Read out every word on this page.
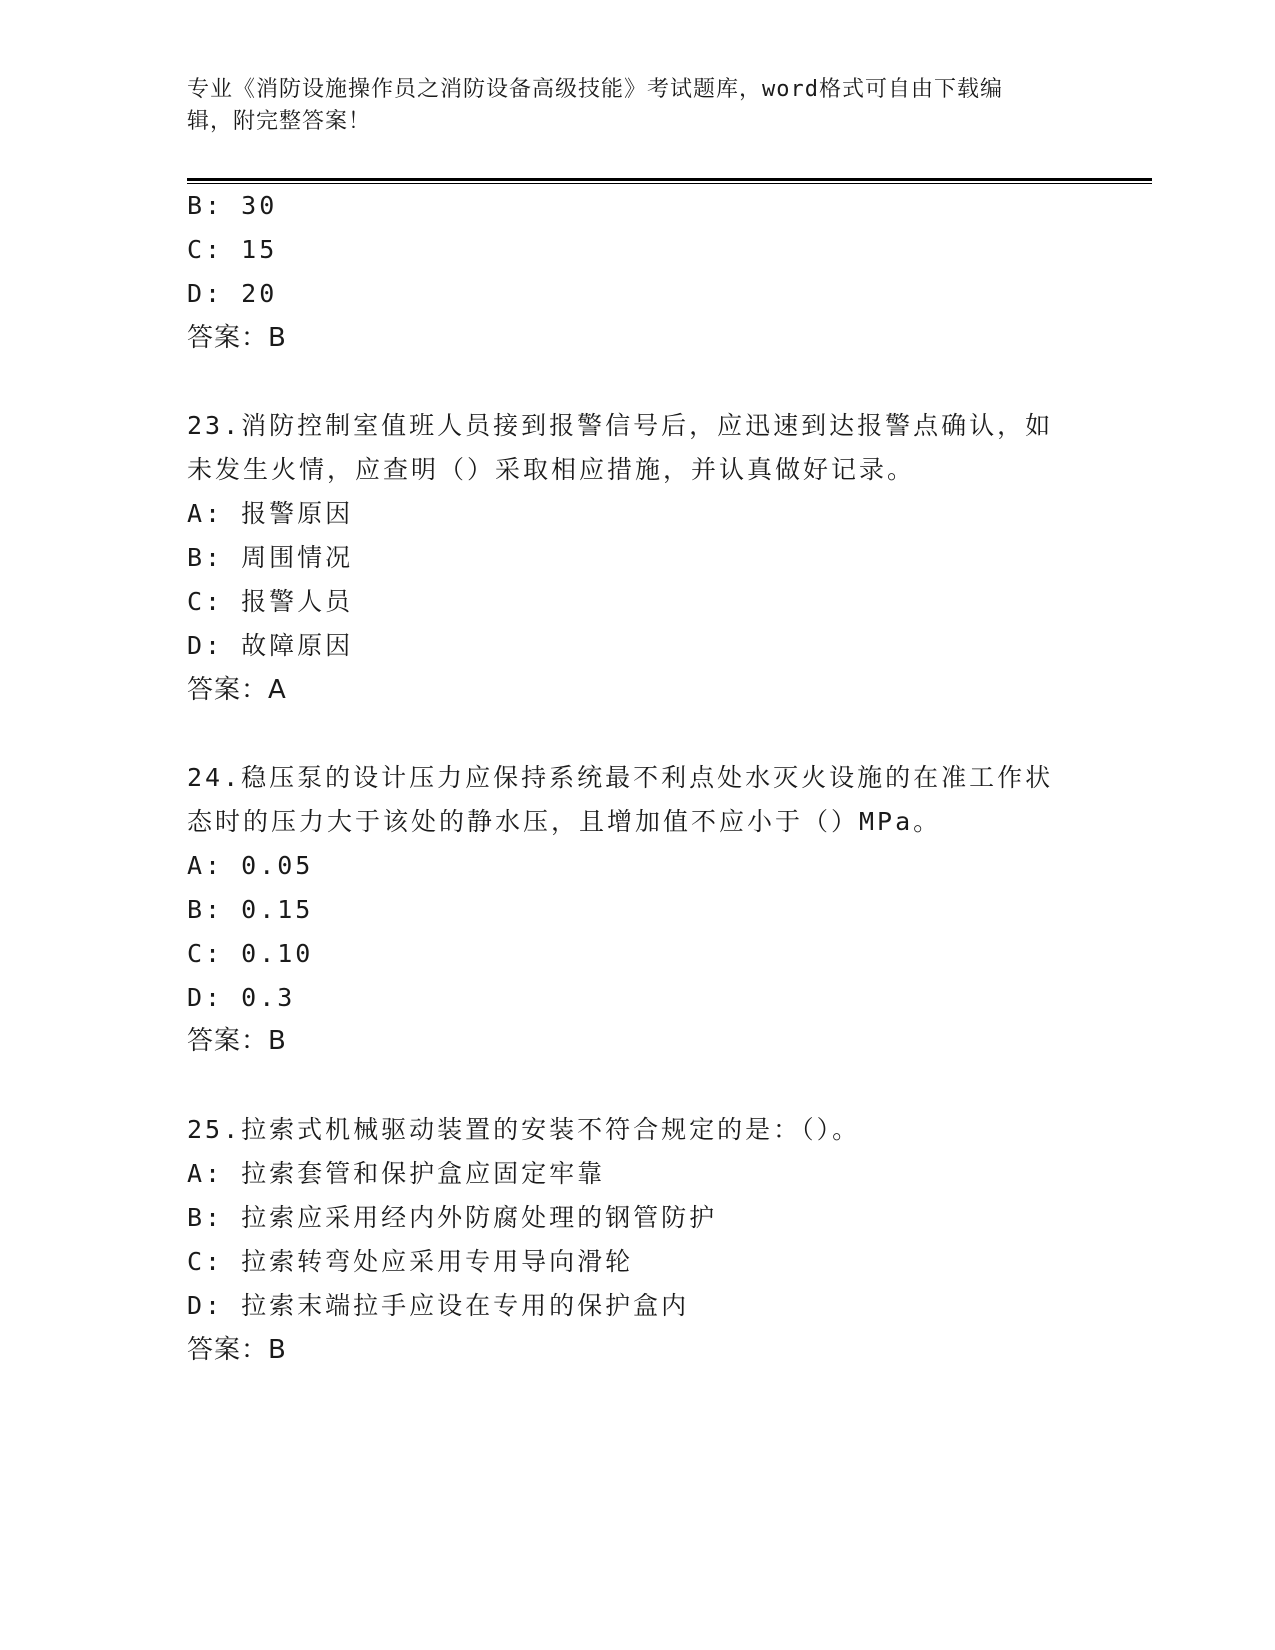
专业《消防设施操作员之消防设备高级技能》考试题库，word格式可自由下载编
辑，附完整答案！
B: 30
C: 15
D: 20
答案：B
23.消防控制室值班人员接到报警信号后，应迅速到达报警点确认，如
未发生火情，应查明（）采取相应措施，并认真做好记录。
A: 报警原因
B: 周围情况
C: 报警人员
D: 故障原因
答案：A
24.稳压泵的设计压力应保持系统最不利点处水灭火设施的在准工作状
态时的压力大于该处的静水压，且增加值不应小于（）MPa。
A: 0.05
B: 0.15
C: 0.10
D: 0.3
答案：B
25.拉索式机械驱动装置的安装不符合规定的是：（）。
A: 拉索套管和保护盒应固定牢靠
B: 拉索应采用经内外防腐处理的钢管防护
C: 拉索转弯处应采用专用导向滑轮
D: 拉索末端拉手应设在专用的保护盒内
答案：B
